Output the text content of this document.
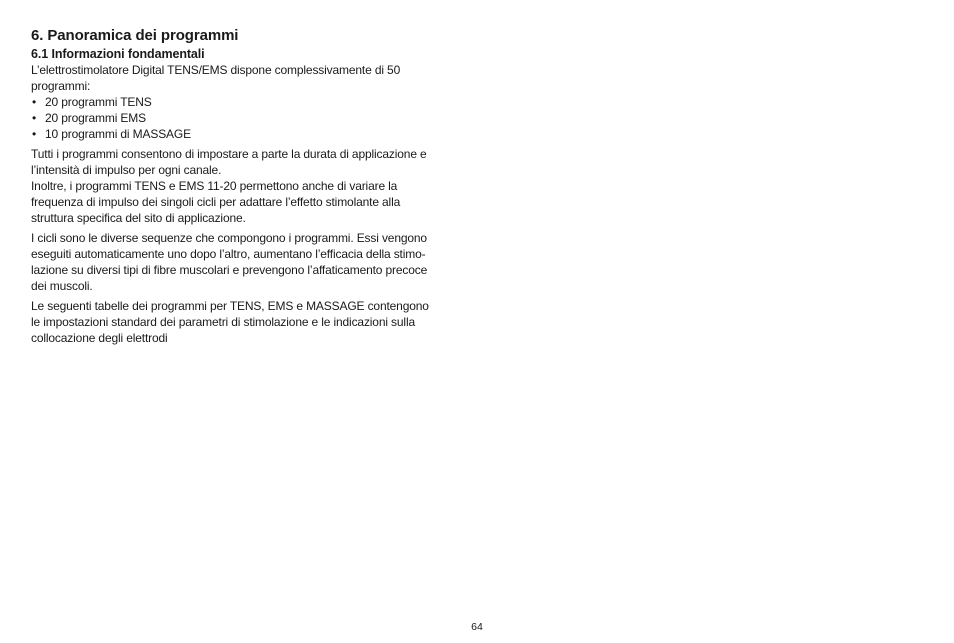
6. Panoramica dei programmi
6.1 Informazioni fondamentali
L’elettrostimolatore Digital TENS/EMS dispone complessivamente di 50
programmi:
• 20 programmi TENS
• 20 programmi EMS
• 10 programmi di MASSAGE
Tutti i programmi consentono di impostare a parte la durata di applicazione e
l’intensità di impulso per ogni canale.
Inoltre, i programmi TENS e EMS 11-20 permettono anche di variare la
frequenza di impulso dei singoli cicli per adattare l’effetto stimolante alla
struttura specifica del sito di applicazione.
I cicli sono le diverse sequenze che compongono i programmi. Essi vengono
eseguiti automaticamente uno dopo l’altro, aumentano l’efficacia della stimo-
lazione su diversi tipi di fibre muscolari e prevengono l’affaticamento precoce
dei muscoli.
Le seguenti tabelle dei programmi per TENS, EMS e MASSAGE contengono
le impostazioni standard dei parametri di stimolazione e le indicazioni sulla
collocazione degli elettrodi
64
